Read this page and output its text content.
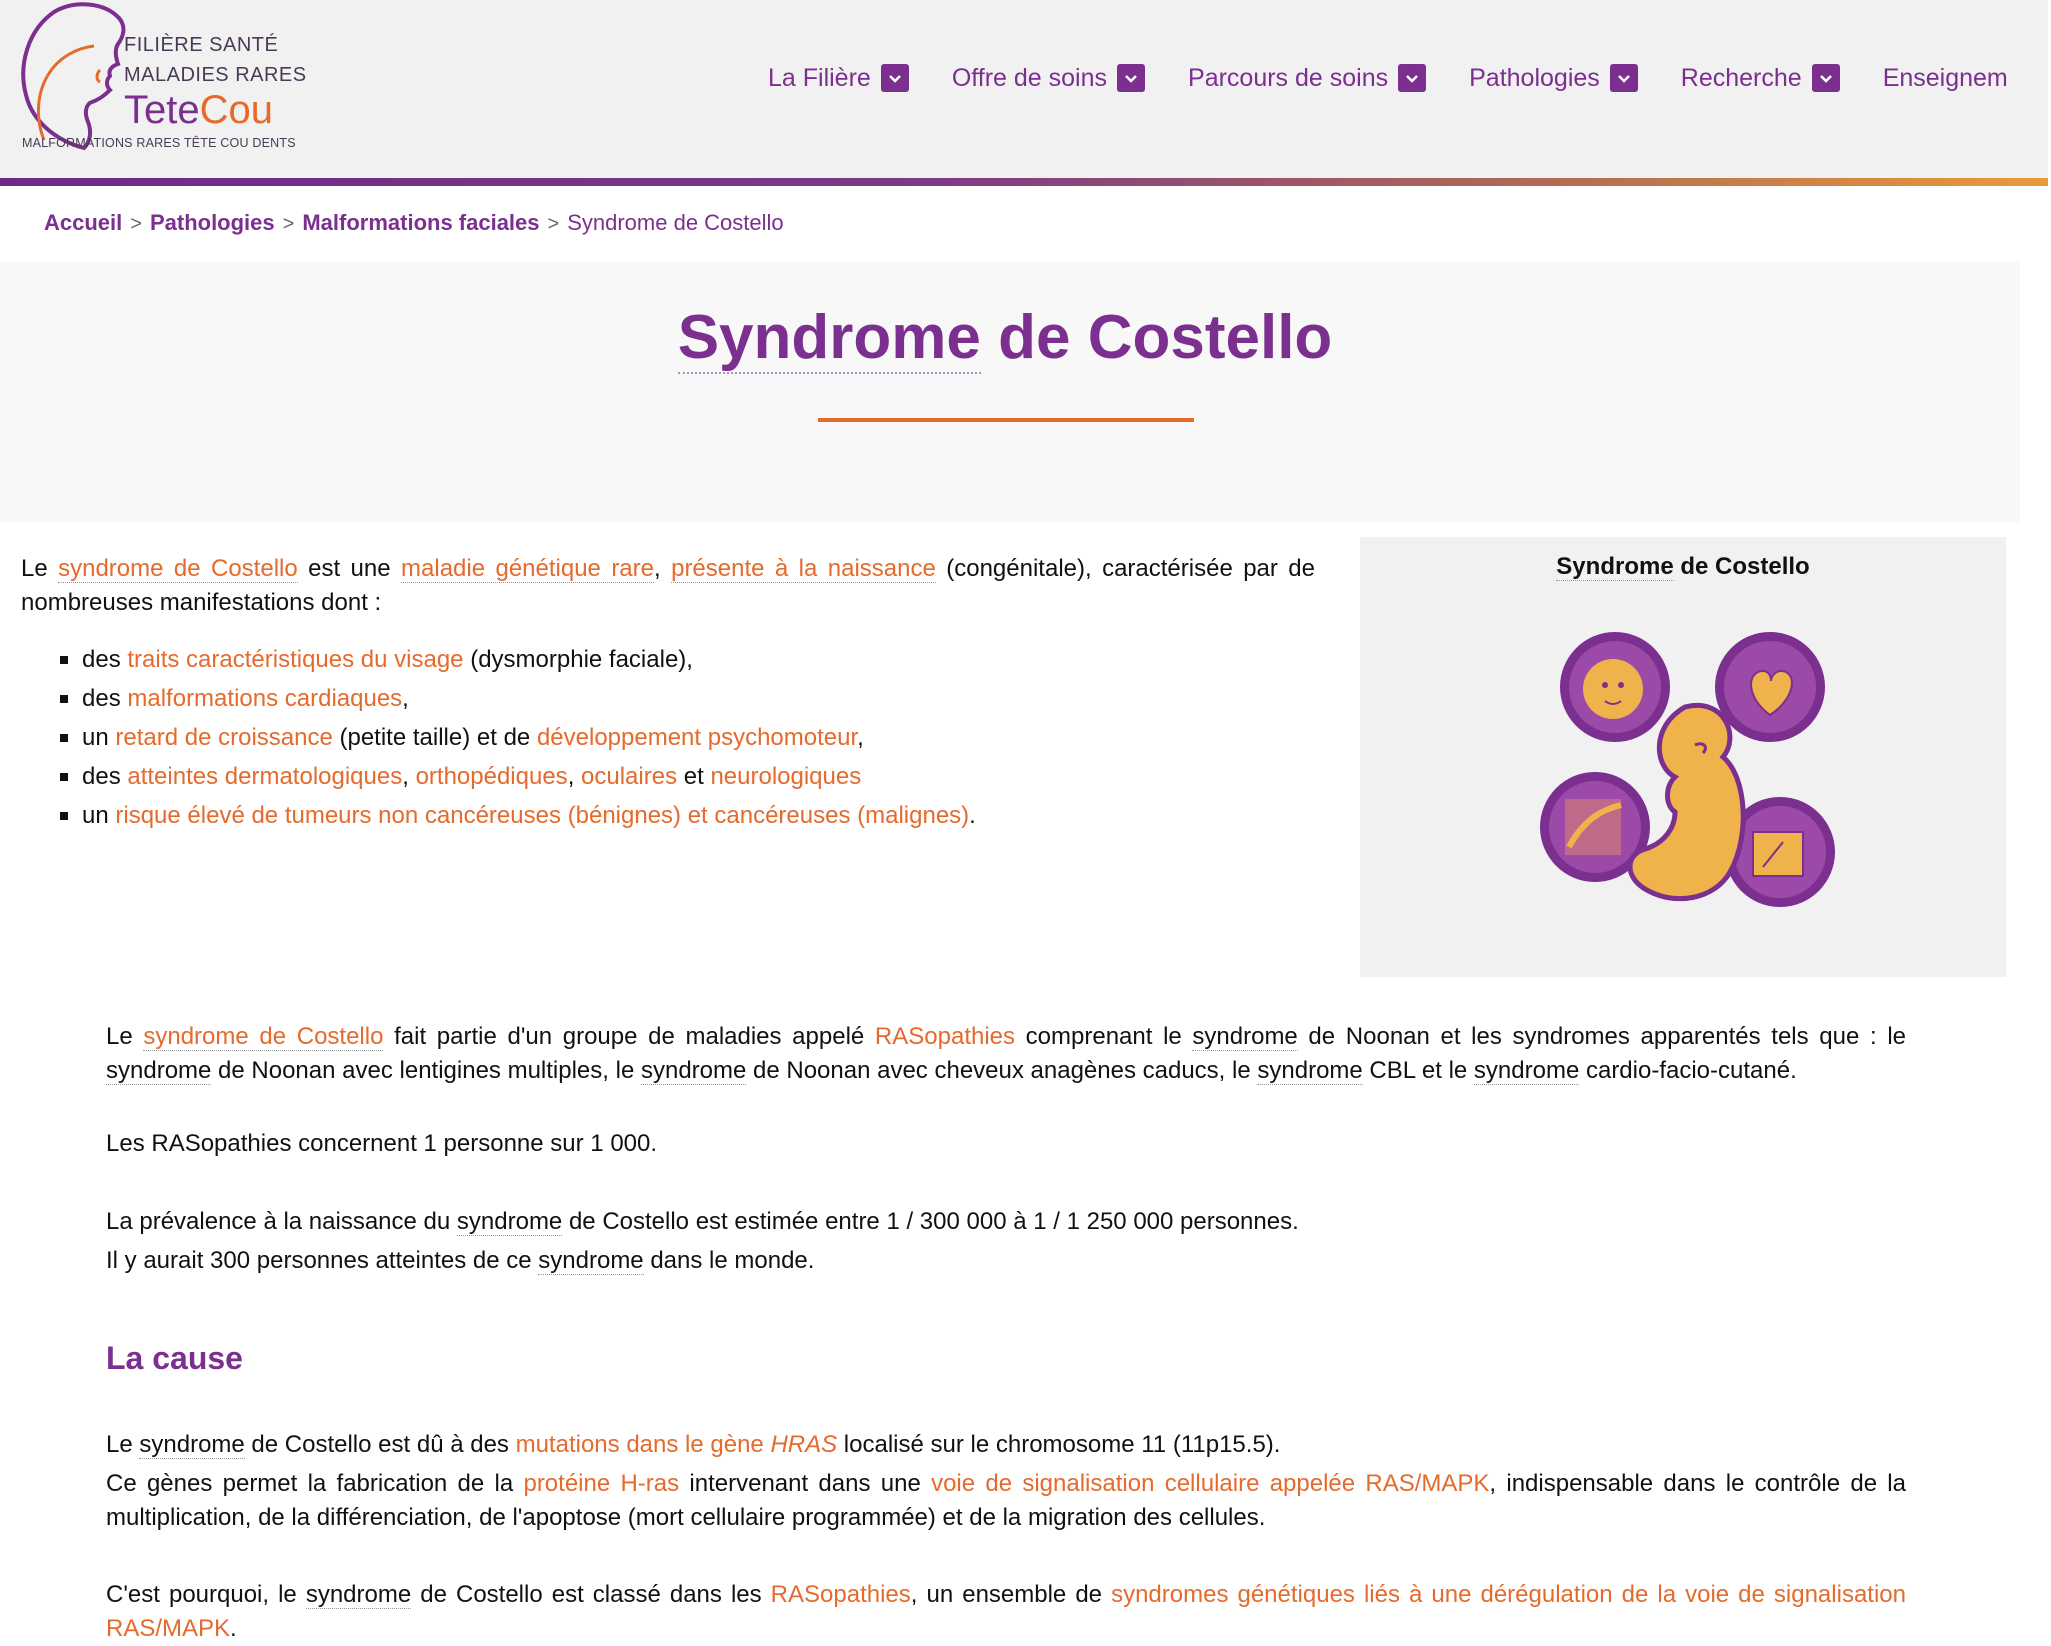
FILIÈRE SANTÉ
MALADIES RARES
TeteCou
MALFORMATIONS RARES TÊTE COU DENTS
La Filière	Offre de soins	Parcours de soins	Pathologies	Recherche	Enseignem
Accueil > Pathologies > Malformations faciales > Syndrome de Costello
Syndrome de Costello

Le syndrome de Costello est une maladie génétique rare, présente à la naissance (congénitale), caractérisée par de nombreuses manifestations dont :

des traits caractéristiques du visage (dysmorphie faciale),
des malformations cardiaques,
un retard de croissance (petite taille) et de développement psychomoteur,
des atteintes dermatologiques, orthopédiques, oculaires et neurologiques
un risque élevé de tumeurs non cancéreuses (bénignes) et cancéreuses (malignes).
Syndrome de Costello

Le syndrome de Costello fait partie d'un groupe de maladies appelé RASopathies comprenant le syndrome de Noonan et les syndromes apparentés tels que : le syndrome de Noonan avec lentigines multiples, le syndrome de Noonan avec cheveux anagènes caducs, le syndrome CBL et le syndrome cardio-facio-cutané.

Les RASopathies concernent 1 personne sur 1 000.

La prévalence à la naissance du syndrome de Costello est estimée entre 1 / 300 000 à 1 / 1 250 000 personnes.

Il y aurait 300 personnes atteintes de ce syndrome dans le monde.

La cause

Le syndrome de Costello est dû à des mutations dans le gène HRAS localisé sur le chromosome 11 (11p15.5).

Ce gènes permet la fabrication de la protéine H-ras intervenant dans une voie de signalisation cellulaire appelée RAS/MAPK, indispensable dans le contrôle de la multiplication, de la différenciation, de l'apoptose (mort cellulaire programmée) et de la migration des cellules.

C'est pourquoi, le syndrome de Costello est classé dans les RASopathies, un ensemble de syndromes génétiques liés à une dérégulation de la voie de signalisation RAS/MAPK.
